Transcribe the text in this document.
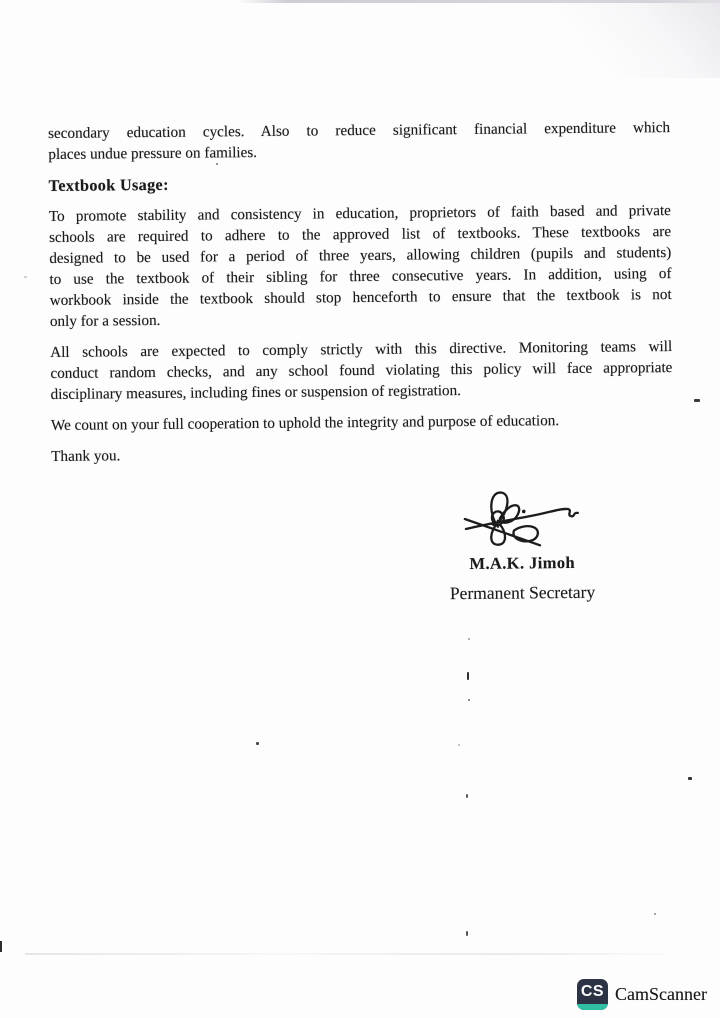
secondary education cycles. Also to reduce significant financial expenditure which
places undue pressure on families.
Textbook Usage:
To promote stability and consistency in education, proprietors of faith based and private
schools are required to adhere to the approved list of textbooks. These textbooks are
designed to be used for a period of three years, allowing children (pupils and students)
to use the textbook of their sibling for three consecutive years. In addition, using of
workbook inside the textbook should stop henceforth to ensure that the textbook is not
only for a session.
All schools are expected to comply strictly with this directive. Monitoring teams will
conduct random checks, and any school found violating this policy will face appropriate
disciplinary measures, including fines or suspension of registration.
We count on your full cooperation to uphold the integrity and purpose of education.
Thank you.
M.A.K. Jimoh
Permanent Secretary
CS CamScanner
